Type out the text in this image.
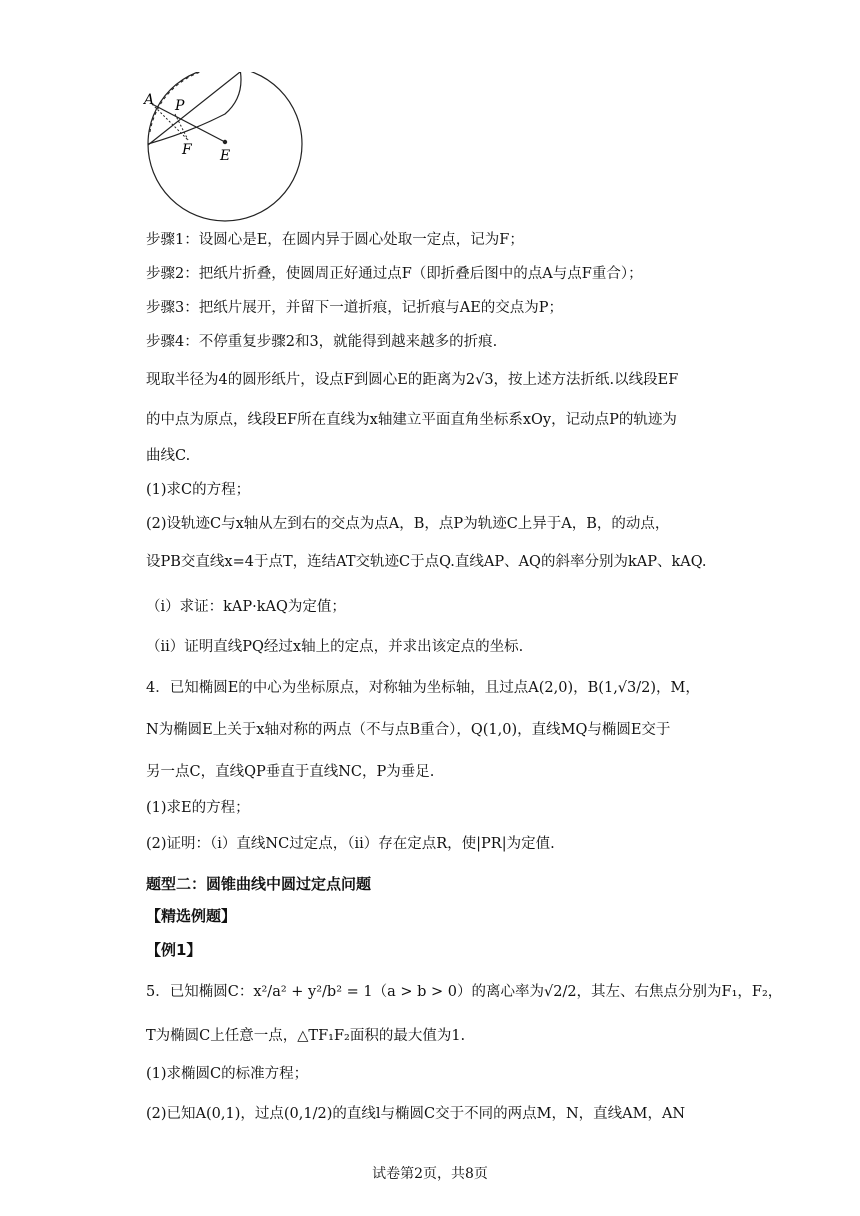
A P
F E
步骤1：设圆心是E，在圆内异于圆心处取一定点，记为F；
步骤2：把纸片折叠，使圆周正好通过点F（即折叠后图中的点A与点F重合）；
步骤3：把纸片展开，并留下一道折痕，记折痕与AE的交点为P；
步骤4：不停重复步骤2和3，就能得到越来越多的折痕.
现取半径为4的圆形纸片，设点F到圆心E的距离为2√3，按上述方法折纸.以线段EF
的中点为原点，线段EF所在直线为x轴建立平面直角坐标系xOy，记动点P的轨迹为
曲线C.
(1)求C的方程；
(2)设轨迹C与x轴从左到右的交点为点A，B，点P为轨迹C上异于A，B，的动点，
设PB交直线x=4于点T，连结AT交轨迹C于点Q.直线AP、AQ的斜率分别为kAP、kAQ.
（i）求证：kAP·kAQ为定值；
（ii）证明直线PQ经过x轴上的定点，并求出该定点的坐标.
4．已知椭圆E的中心为坐标原点，对称轴为坐标轴，且过点A(2,0)，B(1,√3/2)，M，
N为椭圆E上关于x轴对称的两点（不与点B重合），Q(1,0)，直线MQ与椭圆E交于
另一点C，直线QP垂直于直线NC，P为垂足.
(1)求E的方程；
(2)证明：（i）直线NC过定点，（ii）存在定点R，使|PR|为定值.
题型二：圆锥曲线中圆过定点问题
【精选例题】
【例1】
5．已知椭圆C：x²/a² + y²/b² = 1（a > b > 0）的离心率为√2/2，其左、右焦点分别为F₁，F₂，
T为椭圆C上任意一点，△TF₁F₂面积的最大值为1.
(1)求椭圆C的标准方程；
(2)已知A(0,1)，过点(0,1/2)的直线l与椭圆C交于不同的两点M，N，直线AM，AN
试卷第2页，共8页
